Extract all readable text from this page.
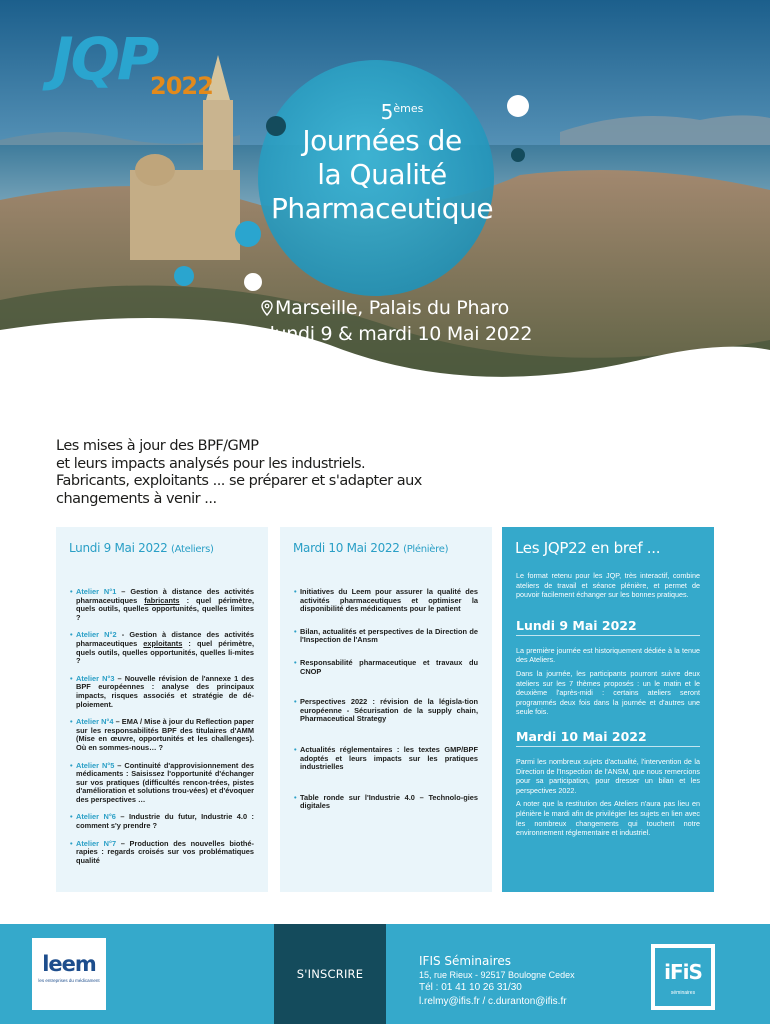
JQP
2022
5èmes
Journées de
la Qualité
Pharmaceutique
Marseille, Palais du Pharo
les lundi 9 & mardi 10 Mai 2022
Les mises à jour des BPF/GMP
et leurs impacts analysés pour les industriels.
Fabricants, exploitants ... se préparer et s'adapter aux
changements à venir ...
Lundi 9 Mai 2022 (Ateliers)
• Atelier N°1 – Gestion à distance des activités pharmaceutiques fabricants : quel périmètre, quels outils, quelles opportunités, quelles limites ?
• Atelier N°2 - Gestion à distance des activités pharmaceutiques exploitants : quel périmètre, quels outils, quelles opportunités, quelles li-mites ?
• Atelier N°3 – Nouvelle révision de l'annexe 1 des BPF européennes : analyse des principaux impacts, risques associés et stratégie de dé-ploiement.
• Atelier N°4 – EMA / Mise à jour du Reflection paper sur les responsabilités BPF des titulaires d'AMM (Mise en œuvre, opportunités et les challenges). Où en sommes-nous… ?
• Atelier N°5 – Continuité d'approvisionnement des médicaments : Saisissez l'opportunité d'échanger sur vos pratiques (difficultés rencon-trées, pistes d'amélioration et solutions trou-vées) et d'évoquer des perspectives …
• Atelier N°6 – Industrie du futur, Industrie 4.0 : comment s'y prendre ?
• Atelier N°7 – Production des nouvelles biothé-rapies : regards croisés sur vos problématiques qualité
Mardi 10 Mai 2022 (Plénière)
• Initiatives du Leem pour assurer la qualité des activités pharmaceutiques et optimiser la disponibilité des médicaments pour le patient
• Bilan, actualités et perspectives de la Direction de l'Inspection de l'Ansm
• Responsabilité pharmaceutique et travaux du CNOP
• Perspectives 2022 : révision de la législa-tion européenne - Sécurisation de la supply chain, Pharmaceutical Strategy
• Actualités réglementaires : les textes GMP/BPF adoptés et leurs impacts sur les pratiques industrielles
• Table ronde sur l'Industrie 4.0 – Technolo-gies digitales
Les JQP22 en bref ...
Le format retenu pour les JQP, très interactif, combine ateliers de travail et séance plénière, et permet de pouvoir facilement échanger sur les bonnes pratiques.
Lundi 9 Mai 2022
La première journée est historiquement dédiée à la tenue des Ateliers.
Dans la journée, les participants pourront suivre deux ateliers sur les 7 thèmes proposés : un le matin et le deuxième l'après-midi : certains ateliers seront programmés deux fois dans la journée et d'autres une seule fois.
Mardi 10 Mai 2022
Parmi les nombreux sujets d'actualité, l'intervention de la Direction de l'Inspection de l'ANSM, que nous remercions pour sa participation, pour dresser un bilan et les perspectives 2022.
A noter que la restitution des Ateliers n'aura pas lieu en plénière le mardi afin de privilégier les sujets en lien avec les nombreux changements qui touchent notre environnement réglementaire et industriel.
leem
les entreprises du médicament	S'INSCRIRE
IFIS Séminaires
15, rue Rieux - 92517 Boulogne Cedex
Tél : 01 41 10 26 31/30
l.relmy@ifis.fr / c.duranton@ifis.fr
iFiS
séminaires
